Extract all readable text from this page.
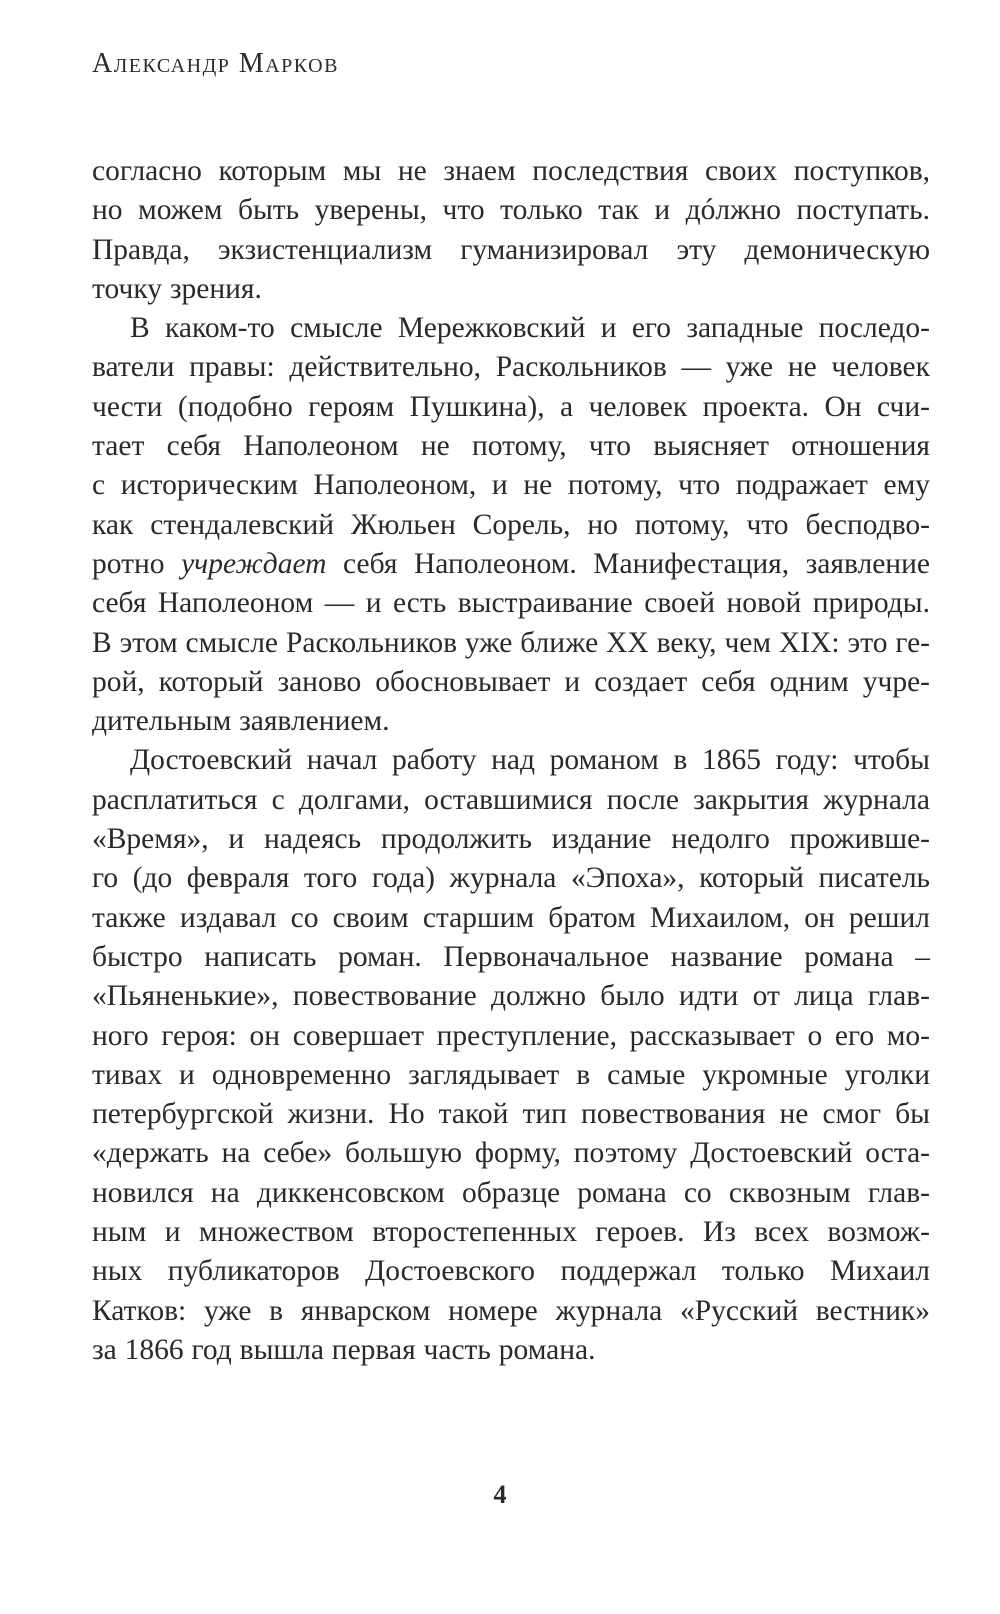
Александр Марков
согласно которым мы не знаем последствия своих поступков,
но можем быть уверены, что только так и дóлжно поступать.
Правда, экзистенциализм гуманизировал эту демоническую
точку зрения.
В каком-то смысле Мережковский и его западные последо-
ватели правы: действительно, Раскольников — уже не человек
чести (подобно героям Пушкина), а человек проекта. Он счи-
тает себя Наполеоном не потому, что выясняет отношения
с историческим Наполеоном, и не потому, что подражает ему
как стендалевский Жюльен Сорель, но потому, что бесподво-
ротно учреждает себя Наполеоном. Манифестация, заявление
себя Наполеоном — и есть выстраивание своей новой природы.
В этом смысле Раскольников уже ближе XX веку, чем XIX: это ге-
рой, который заново обосновывает и создает себя одним учре-
дительным заявлением.
Достоевский начал работу над романом в 1865 году: чтобы
расплатиться с долгами, оставшимися после закрытия журнала
«Время», и надеясь продолжить издание недолго прожившe-
го (до февраля того года) журнала «Эпоха», который писатель
также издавал со своим старшим братом Михаилом, он решил
быстро написать роман. Первоначальное название романа –
«Пьяненькие», повествование должно было идти от лица глав-
ного героя: он совершает преступление, рассказывает о его мо-
тивах и одновременно заглядывает в самые укромные уголки
петербургской жизни. Но такой тип повествования не смог бы
«держать на себе» большую форму, поэтому Достоевский оста-
новился на диккенсовском образце романа со сквозным глав-
ным и множеством второстепенных героев. Из всех возмож-
ных публикаторов Достоевского поддержал только Михаил
Катков: уже в январском номере журнала «Русский вестник»
за 1866 год вышла первая часть романа.
4
